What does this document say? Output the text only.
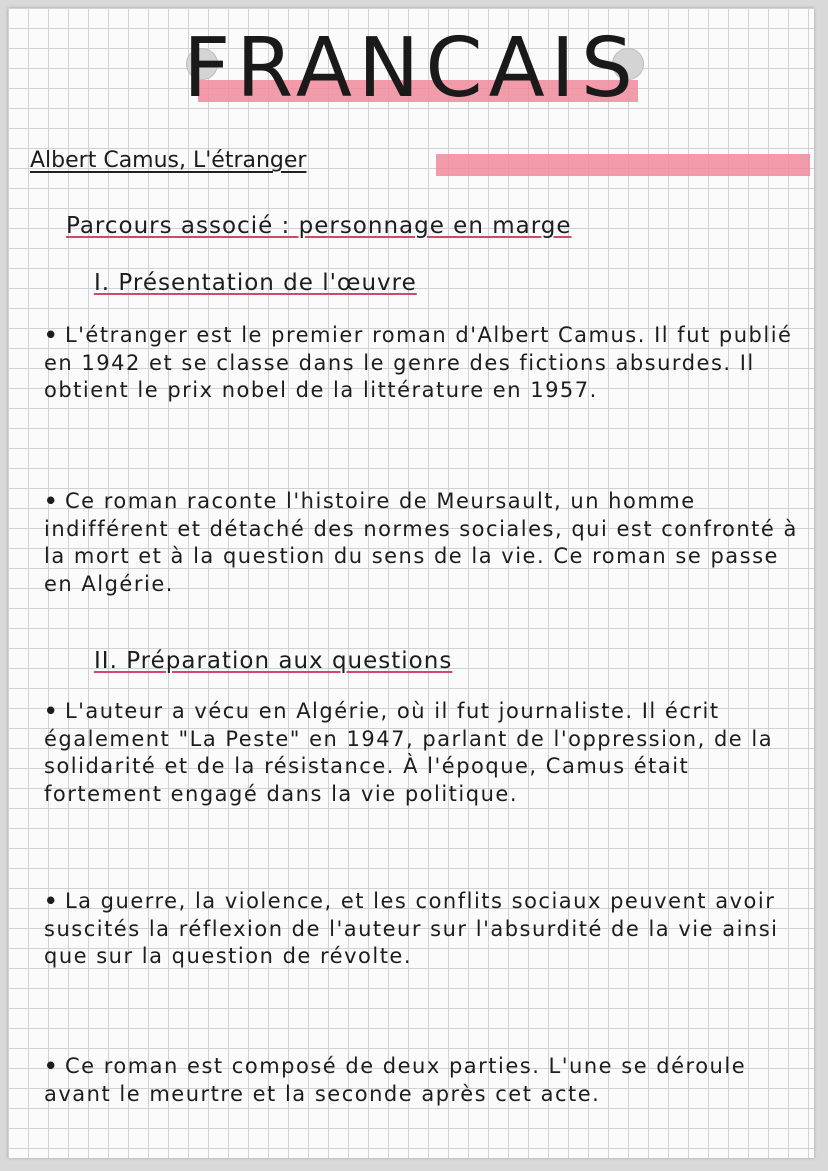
FRANCAIS
Albert Camus, L'étranger
Parcours associé : personnage en marge
I. Présentation de l'œuvre
• L'étranger est le premier roman d'Albert Camus. Il fut publié en 1942 et se classe dans le genre des fictions absurdes. Il obtient le prix nobel de la littérature en 1957.
• Ce roman raconte l'histoire de Meursault, un homme indifférent et détaché des normes sociales, qui est confronté à la mort et à la question du sens de la vie. Ce roman se passe en Algérie.
II. Préparation aux questions
• L'auteur a vécu en Algérie, où il fut journaliste. Il écrit également "La Peste" en 1947, parlant de l'oppression, de la solidarité et de la résistance. À l'époque, Camus était fortement engagé dans la vie politique.
• La guerre, la violence, et les conflits sociaux peuvent avoir suscités la réflexion de l'auteur sur l'absurdité de la vie ainsi que sur la question de révolte.
• Ce roman est composé de deux parties. L'une se déroule avant le meurtre et la seconde après cet acte.
